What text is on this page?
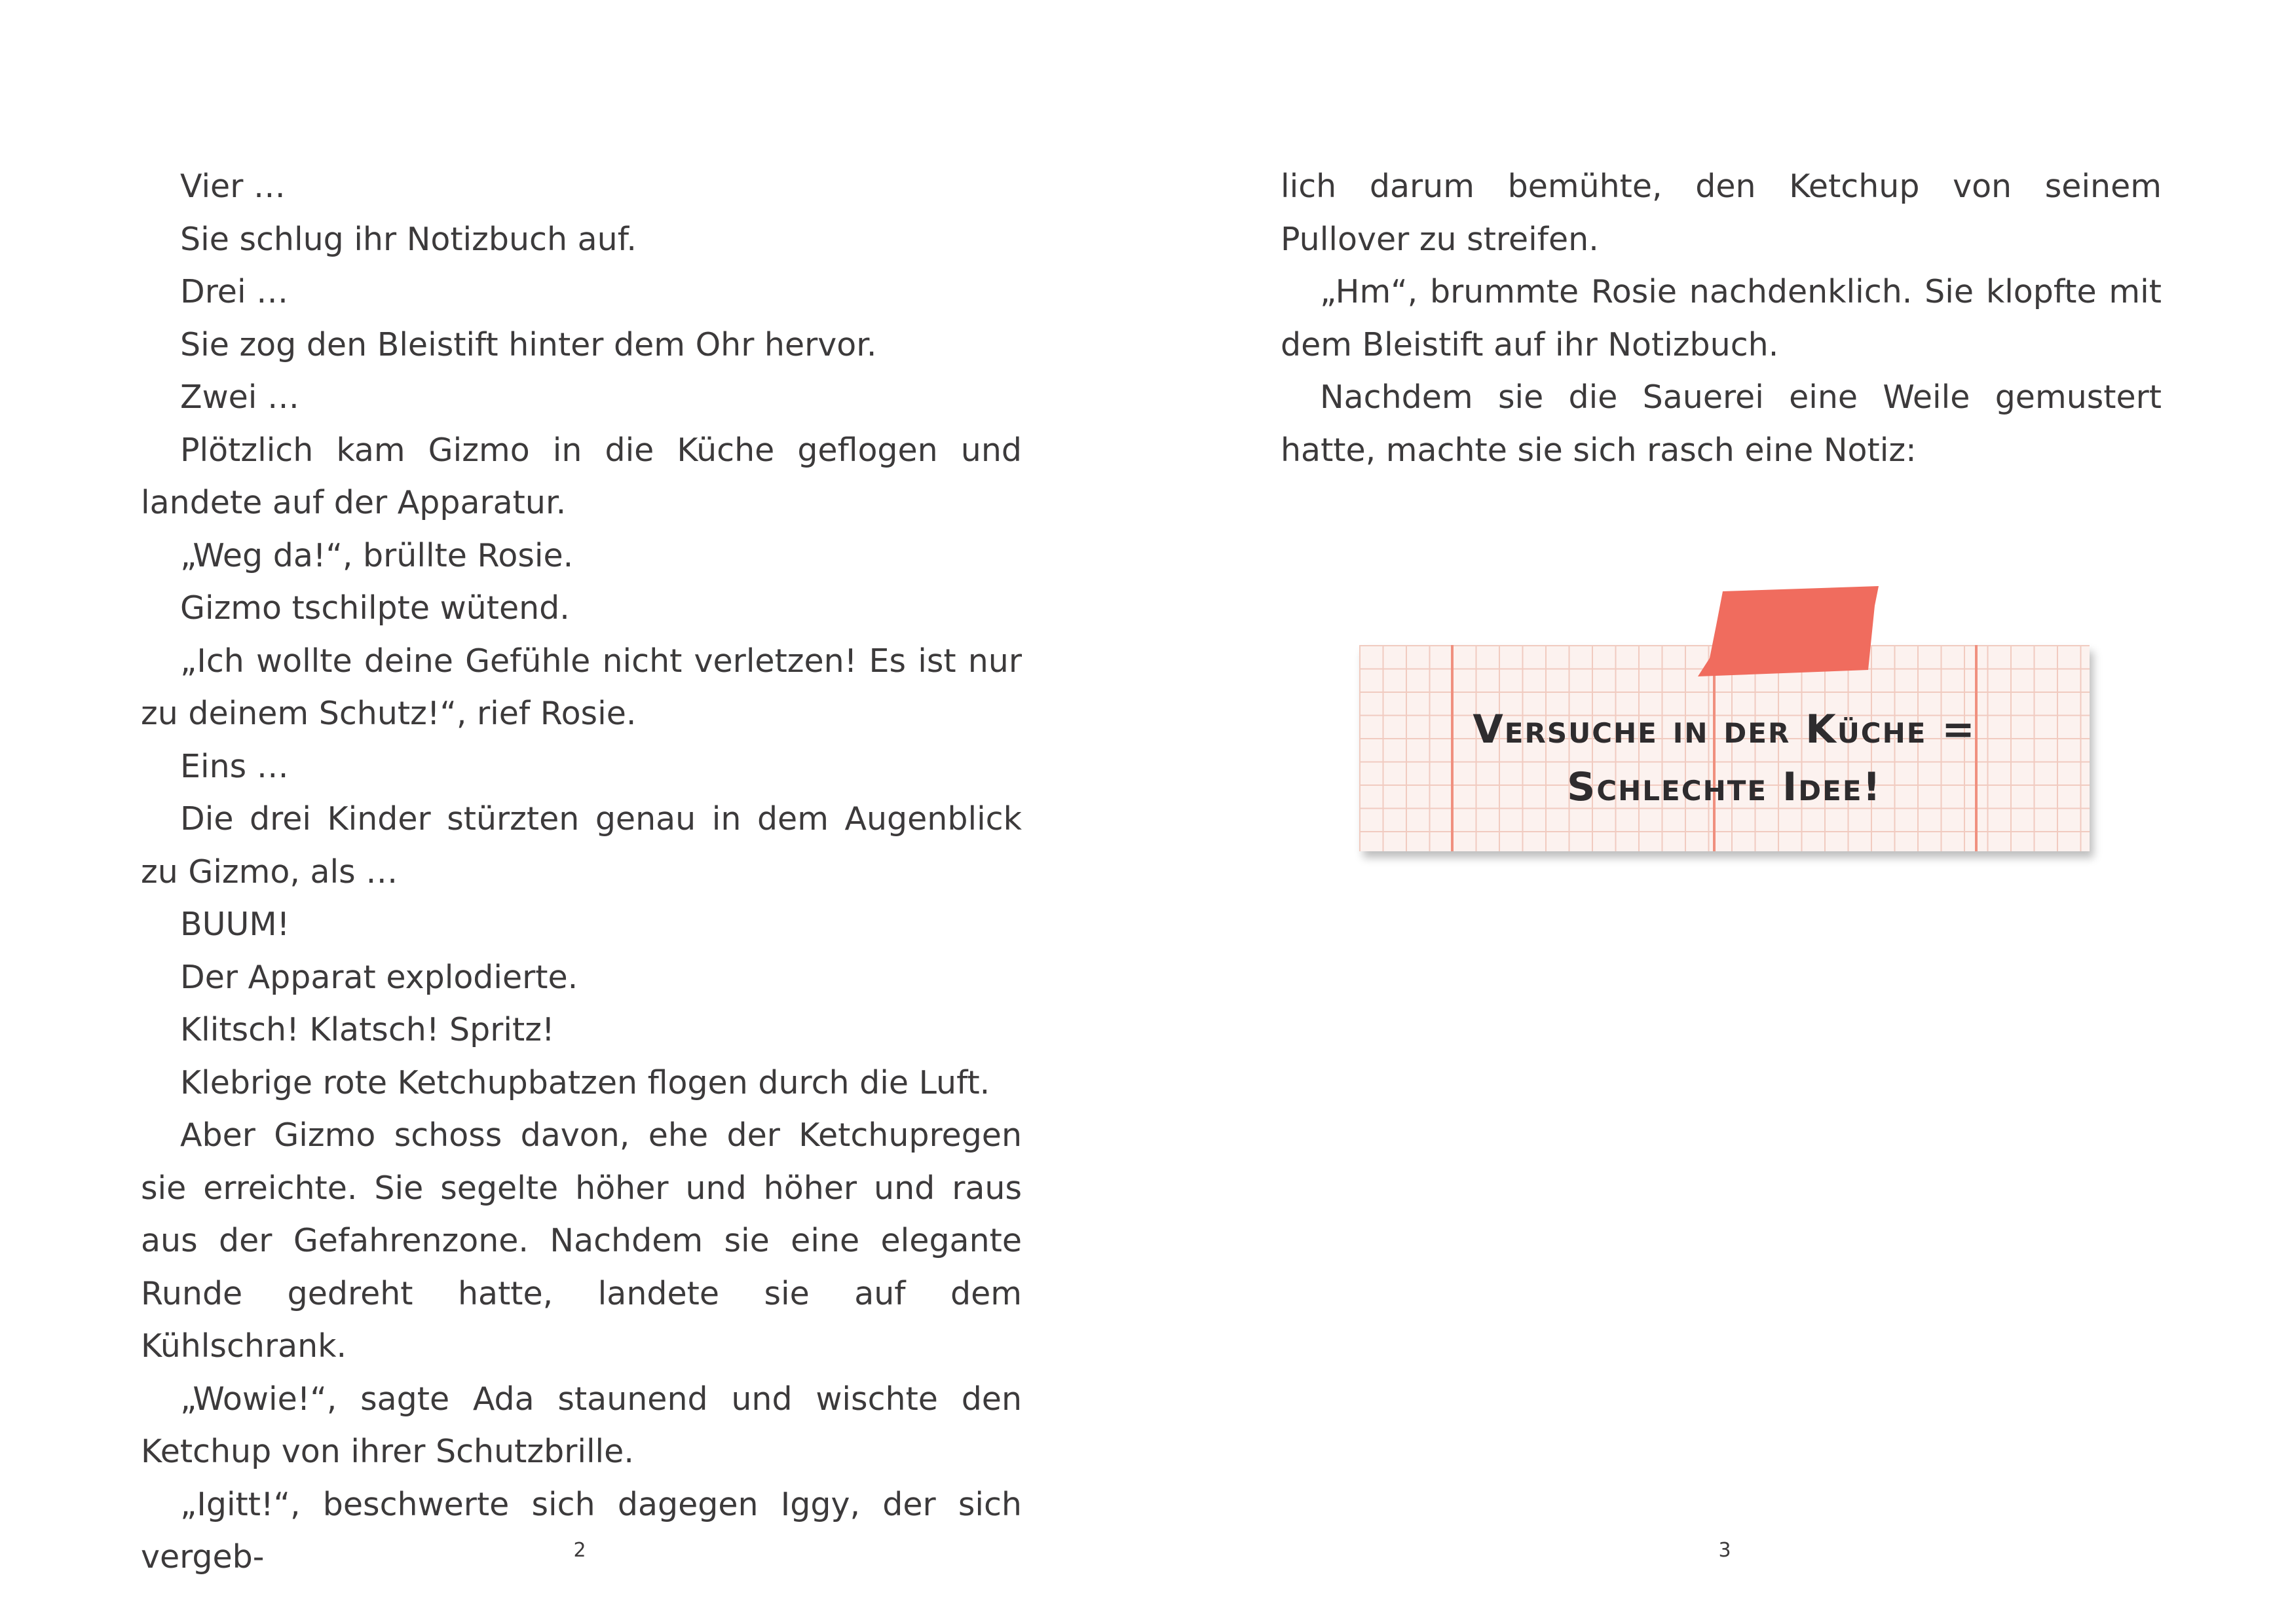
Vier …

Sie schlug ihr Notizbuch auf.

Drei …

Sie zog den Bleistift hinter dem Ohr hervor.

Zwei …

Plötzlich kam Gizmo in die Küche geflogen und landete auf der Apparatur.

„Weg da!“, brüllte Rosie.

Gizmo tschilpte wütend.

„Ich wollte deine Gefühle nicht verletzen! Es ist nur zu deinem Schutz!“, rief Rosie.

Eins …

Die drei Kinder stürzten genau in dem Augenblick zu Gizmo, als …

BUUM!

Der Apparat explodierte.

Klitsch! Klatsch! Spritz!

Klebrige rote Ketchupbatzen flogen durch die Luft.

Aber Gizmo schoss davon, ehe der Ketchupregen sie erreichte. Sie segelte höher und höher und raus aus der Gefahrenzone. Nachdem sie eine elegante Runde gedreht hatte, landete sie auf dem Kühlschrank.

„Wowie!“, sagte Ada staunend und wischte den Ketchup von ihrer Schutzbrille.

„Igitt!“, beschwerte sich dagegen Iggy, der sich vergeb-	2

lich darum bemühte, den Ketchup von seinem Pullover zu streifen.

„Hm“, brummte Rosie nachdenklich. Sie klopfte mit dem Bleistift auf ihr Notizbuch.

Nachdem sie die Sauerei eine Weile gemustert hatte, machte sie sich rasch eine Notiz:

Versuche in der Küche =
Schlechte Idee!
3
